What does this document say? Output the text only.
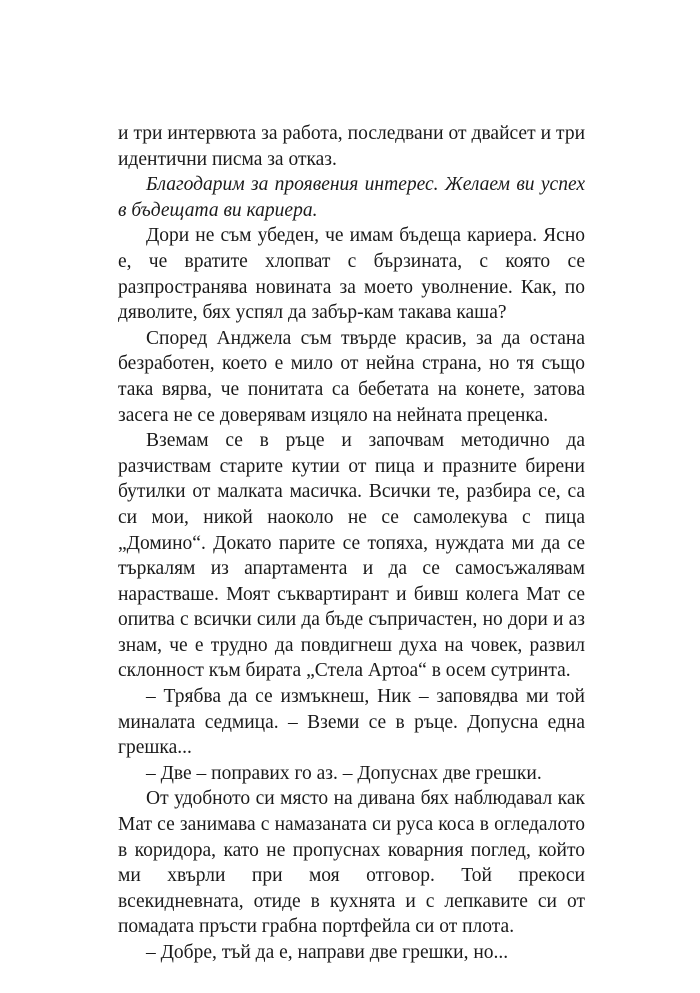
и три интервюта за работа, последвани от двайсет и три идентични писма за отказ.

Благодарим за проявения интерес. Желаем ви успех в бъдещата ви кариера.

Дори не съм убеден, че имам бъдеща кариера. Ясно е, че вратите хлопват с бързината, с която се разпространява новината за моето уволнение. Как, по дяволите, бях успял да забър-кам такава каша?

Според Анджела съм твърде красив, за да остана безработен, което е мило от нейна страна, но тя също така вярва, че понитата са бебетата на конете, затова засега не се доверявам изцяло на нейната преценка.

Вземам се в ръце и започвам методично да разчиствам старите кутии от пица и празните бирени бутилки от малката масичка. Всички те, разбира се, са си мои, никой наоколо не се самолекува с пица „Домино“. Докато парите се топяха, нуждата ми да се търкалям из апартамента и да се самосъжалявам нарастваше. Моят съквартирант и бивш колега Мат се опитва с всички сили да бъде съпричастен, но дори и аз знам, че е трудно да повдигнеш духа на човек, развил склонност към бирата „Стела Артоа“ в осем сутринта.

– Трябва да се измъкнеш, Ник – заповядва ми той миналата седмица. – Вземи се в ръце. Допусна една грешка...

– Две – поправих го аз. – Допуснах две грешки.

От удобното си място на дивана бях наблюдавал как Мат се занимава с намазаната си руса коса в огледалото в коридора, като не пропуснах коварния поглед, който ми хвърли при моя отговор. Той прекоси всекидневната, отиде в кухнята и с лепкавите си от помадата пръсти грабна портфейла си от плота.

– Добре, тъй да е, направи две грешки, но...
